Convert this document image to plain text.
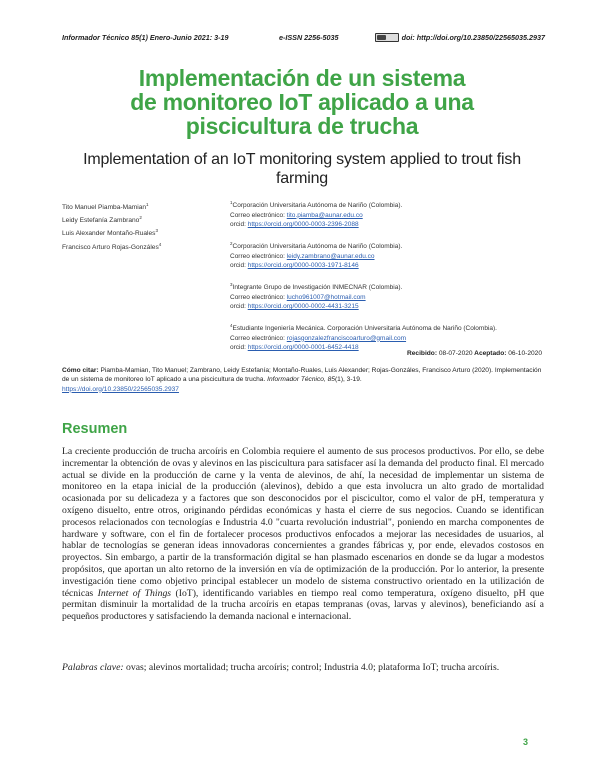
Informador Técnico 85(1) Enero-Junio 2021: 3-19	e-ISSN 2256-5035	doi: http://doi.org/10.23850/22565035.2937
Implementación de un sistema
de monitoreo IoT aplicado a una
piscicultura de trucha
Implementation of an IoT monitoring system applied to trout fish
farming
Tito Manuel Piamba-Mamian$^1$
Leidy Estefanía Zambrano$^2$
Luis Alexander Montaño-Ruales$^3$
Francisco Arturo Rojas-Gonzáles$^4$
$^1$Corporación Universitaria Autónoma de Nariño (Colombia).
Correo electrónico: tito.piamba@aunar.edu.co
orcid: https://orcid.org/0000-0003-2396-2088
$^2$Corporación Universitaria Autónoma de Nariño (Colombia).
Correo electrónico: leidy.zambrano@aunar.edu.co
orcid: https://orcid.org/0000-0003-1971-8146
$^3$Integrante Grupo de Investigación INMECNAR (Colombia).
Correo electrónico: lucho961007@hotmail.com
orcid: https://orcid.org/0000-0002-4431-3215
$^4$Estudiante Ingeniería Mecánica. Corporación Universitaria Autónoma de Nariño (Colombia).
Correo electrónico: rojasgonzalezfranciscoarturo@gmail.com
orcid: https://orcid.org/0000-0001-6452-4418
Recibido: 08-07-2020 Aceptado: 06-10-2020
Cómo citar: Piamba-Mamian, Tito Manuel; Zambrano, Leidy Estefanía; Montaño-Ruales, Luis Alexander; Rojas-Gonzáles, Francisco Arturo (2020). Implementación de un sistema de monitoreo IoT aplicado a una piscicultura de trucha. Informador Técnico, 85(1), 3-19.
https://doi.org/10.23850/22565035.2937
Resumen
La creciente producción de trucha arcoíris en Colombia requiere el aumento de sus procesos productivos. Por ello, se debe incrementar la obtención de ovas y alevinos en las piscicultura para satisfacer así la demanda del producto final. El mercado actual se divide en la producción de carne y la venta de alevinos, de ahí, la necesidad de implementar un sistema de monitoreo en la etapa inicial de la producción (alevinos), debido a que esta involucra un alto grado de mortalidad ocasionada por su delicadeza y a factores que son desconocidos por el piscicultor, como el valor de pH, temperatura y oxígeno disuelto, entre otros, originando pérdidas económicas y hasta el cierre de sus negocios. Cuando se identifican procesos relacionados con tecnologías e Industria 4.0 "cuarta revolución industrial", poniendo en marcha componentes de hardware y software, con el fin de fortalecer procesos productivos enfocados a mejorar las necesidades de usuarios, al hablar de tecnologías se generan ideas innovadoras concernientes a grandes fábricas y, por ende, elevados costosos en proyectos. Sin embargo, a partir de la transformación digital se han plasmado escenarios en donde se da lugar a modestos propósitos, que aportan un alto retorno de la inversión en vía de optimización de la producción. Por lo anterior, la presente investigación tiene como objetivo principal establecer un modelo de sistema constructivo orientado en la utilización de técnicas Internet of Things (IoT), identificando variables en tiempo real como temperatura, oxígeno disuelto, pH que permitan disminuir la mortalidad de la trucha arcoíris en etapas tempranas (ovas, larvas y alevinos), beneficiando así a pequeños productores y satisfaciendo la demanda nacional e internacional.
Palabras clave: ovas; alevinos mortalidad; trucha arcoíris; control; Industria 4.0; plataforma IoT; trucha arcoíris.
3
